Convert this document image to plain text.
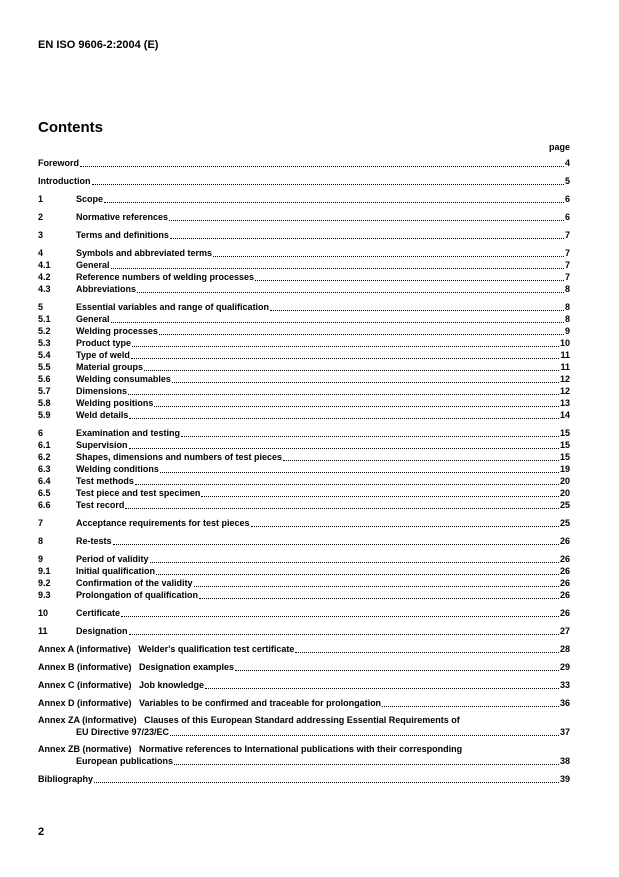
EN ISO 9606-2:2004 (E)
Contents
page
Foreword	4
Introduction	5
1	Scope	6
2	Normative references	6
3	Terms and definitions	7
4	Symbols and abbreviated terms	7
4.1	General	7
4.2	Reference numbers of welding processes	7
4.3	Abbreviations	8
5	Essential variables and range of qualification	8
5.1	General	8
5.2	Welding processes	9
5.3	Product type	10
5.4	Type of weld	11
5.5	Material groups	11
5.6	Welding consumables	12
5.7	Dimensions	12
5.8	Welding positions	13
5.9	Weld details	14
6	Examination and testing	15
6.1	Supervision	15
6.2	Shapes, dimensions and numbers of test pieces	15
6.3	Welding conditions	19
6.4	Test methods	20
6.5	Test piece and test specimen	20
6.6	Test record	25
7	Acceptance requirements for test pieces	25
8	Re-tests	26
9	Period of validity	26
9.1	Initial qualification	26
9.2	Confirmation of the validity	26
9.3	Prolongation of qualification	26
10	Certificate	26
11	Designation	27
Annex A (informative)   Welder's qualification test certificate	28
Annex B (informative)   Designation examples	29
Annex C (informative)   Job knowledge	33
Annex D (informative)   Variables to be confirmed and traceable for prolongation	36
Annex ZA (informative)   Clauses of this European Standard addressing Essential Requirements of
EU Directive 97/23/EC	37
Annex ZB (normative)   Normative references to International publications with their corresponding
European publications	38
Bibliography	39
2
